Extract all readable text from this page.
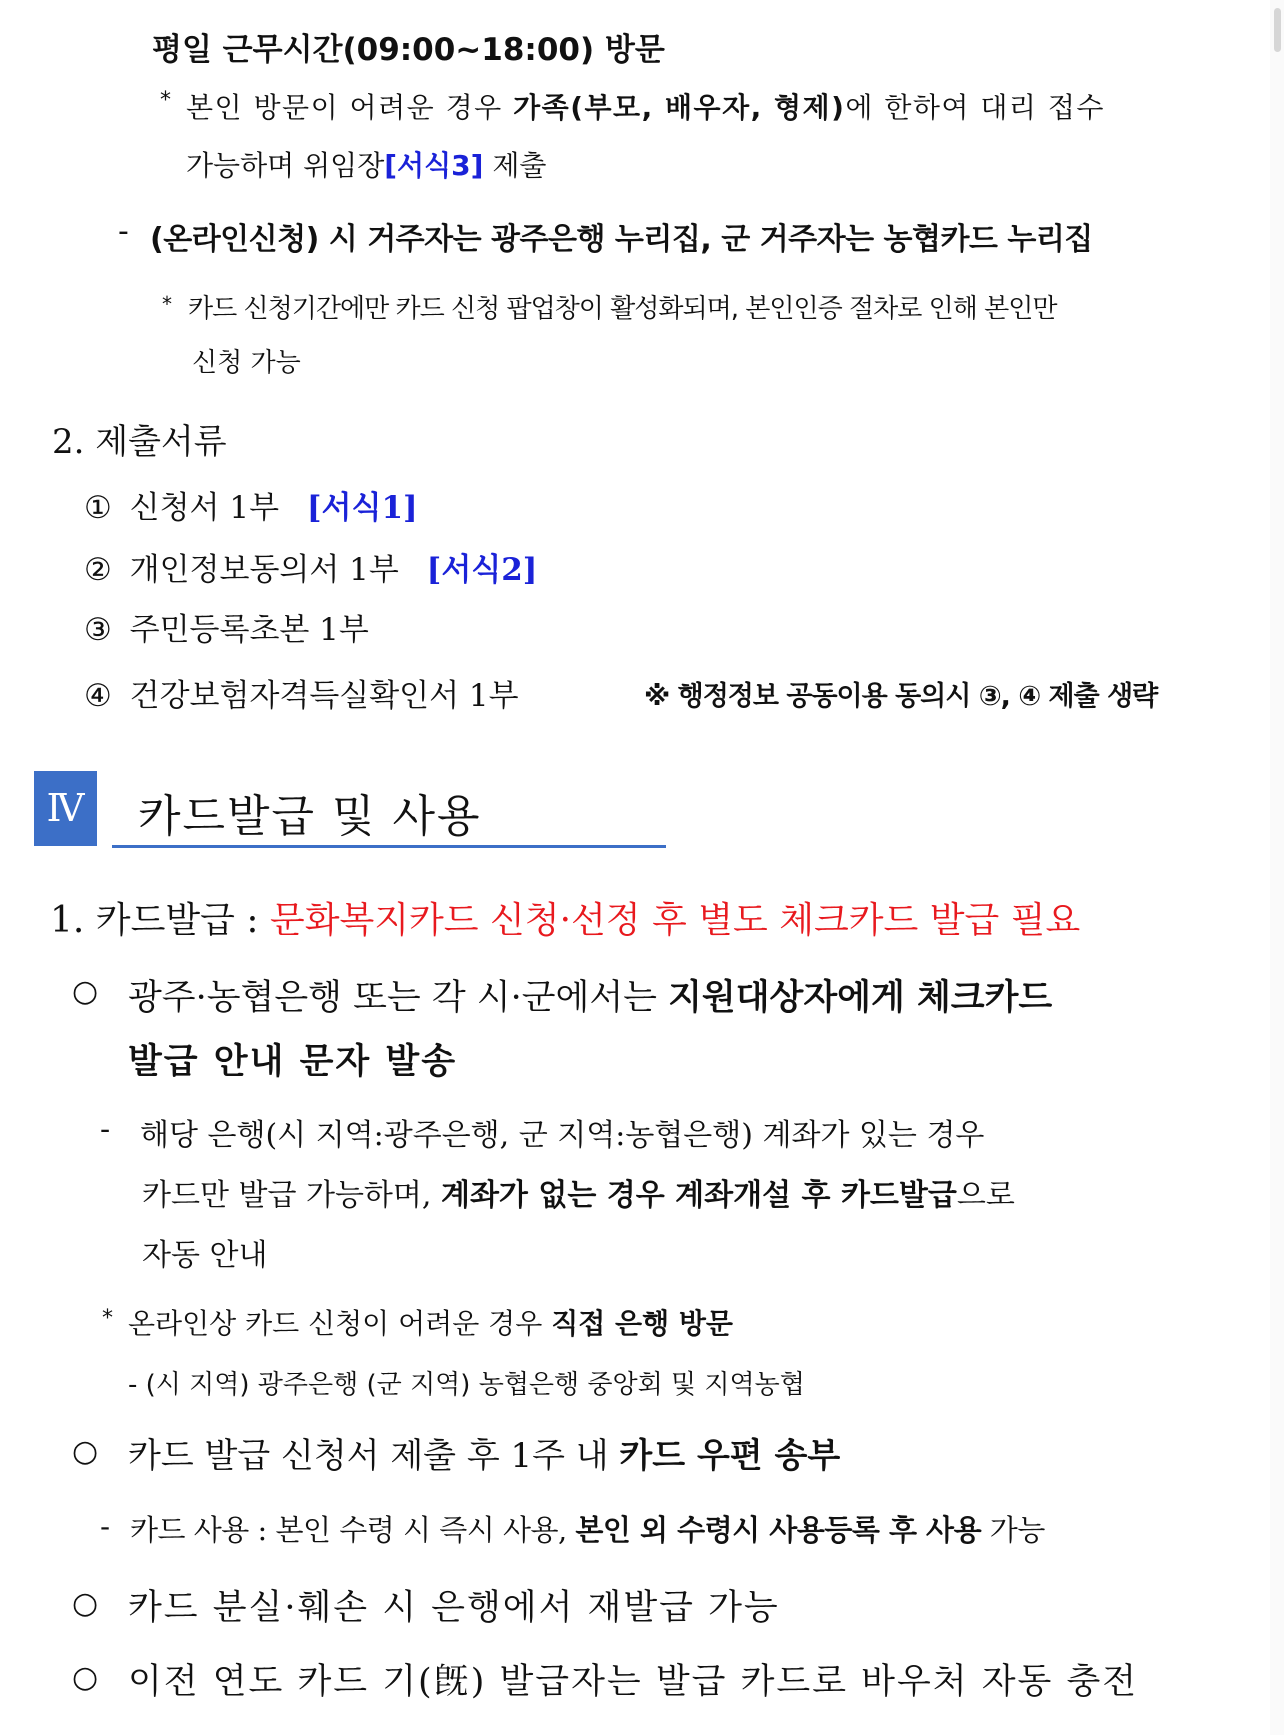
평일 근무시간(09:00~18:00) 방문
* 본인 방문이 어려운 경우 가족(부모, 배우자, 형제)에 한하여 대리 접수
가능하며 위임장[서식3] 제출
- (온라인신청) 시 거주자는 광주은행 누리집, 군 거주자는 농협카드 누리집
* 카드 신청기간에만 카드 신청 팝업창이 활성화되며, 본인인증 절차로 인해 본인만
신청 가능
2. 제출서류
① 신청서 1부 [서식1]
② 개인정보동의서 1부 [서식2]
③ 주민등록초본 1부
④ 건강보험자격득실확인서 1부	※ 행정정보 공동이용 동의시 ③, ④ 제출 생략
Ⅳ 카드발급 및 사용
1. 카드발급 : 문화복지카드 신청·선정 후 별도 체크카드 발급 필요
○ 광주·농협은행 또는 각 시·군에서는 지원대상자에게 체크카드
발급 안내 문자 발송
- 해당 은행(시 지역:광주은행, 군 지역:농협은행) 계좌가 있는 경우
카드만 발급 가능하며, 계좌가 없는 경우 계좌개설 후 카드발급으로
자동 안내
* 온라인상 카드 신청이 어려운 경우 직접 은행 방문
- (시 지역) 광주은행 (군 지역) 농협은행 중앙회 및 지역농협
○ 카드 발급 신청서 제출 후 1주 내 카드 우편 송부
- 카드 사용 : 본인 수령 시 즉시 사용, 본인 외 수령시 사용등록 후 사용 가능
○ 카드 분실·훼손 시 은행에서 재발급 가능
○ 이전 연도 카드 기(旣) 발급자는 발급 카드로 바우처 자동 충전
